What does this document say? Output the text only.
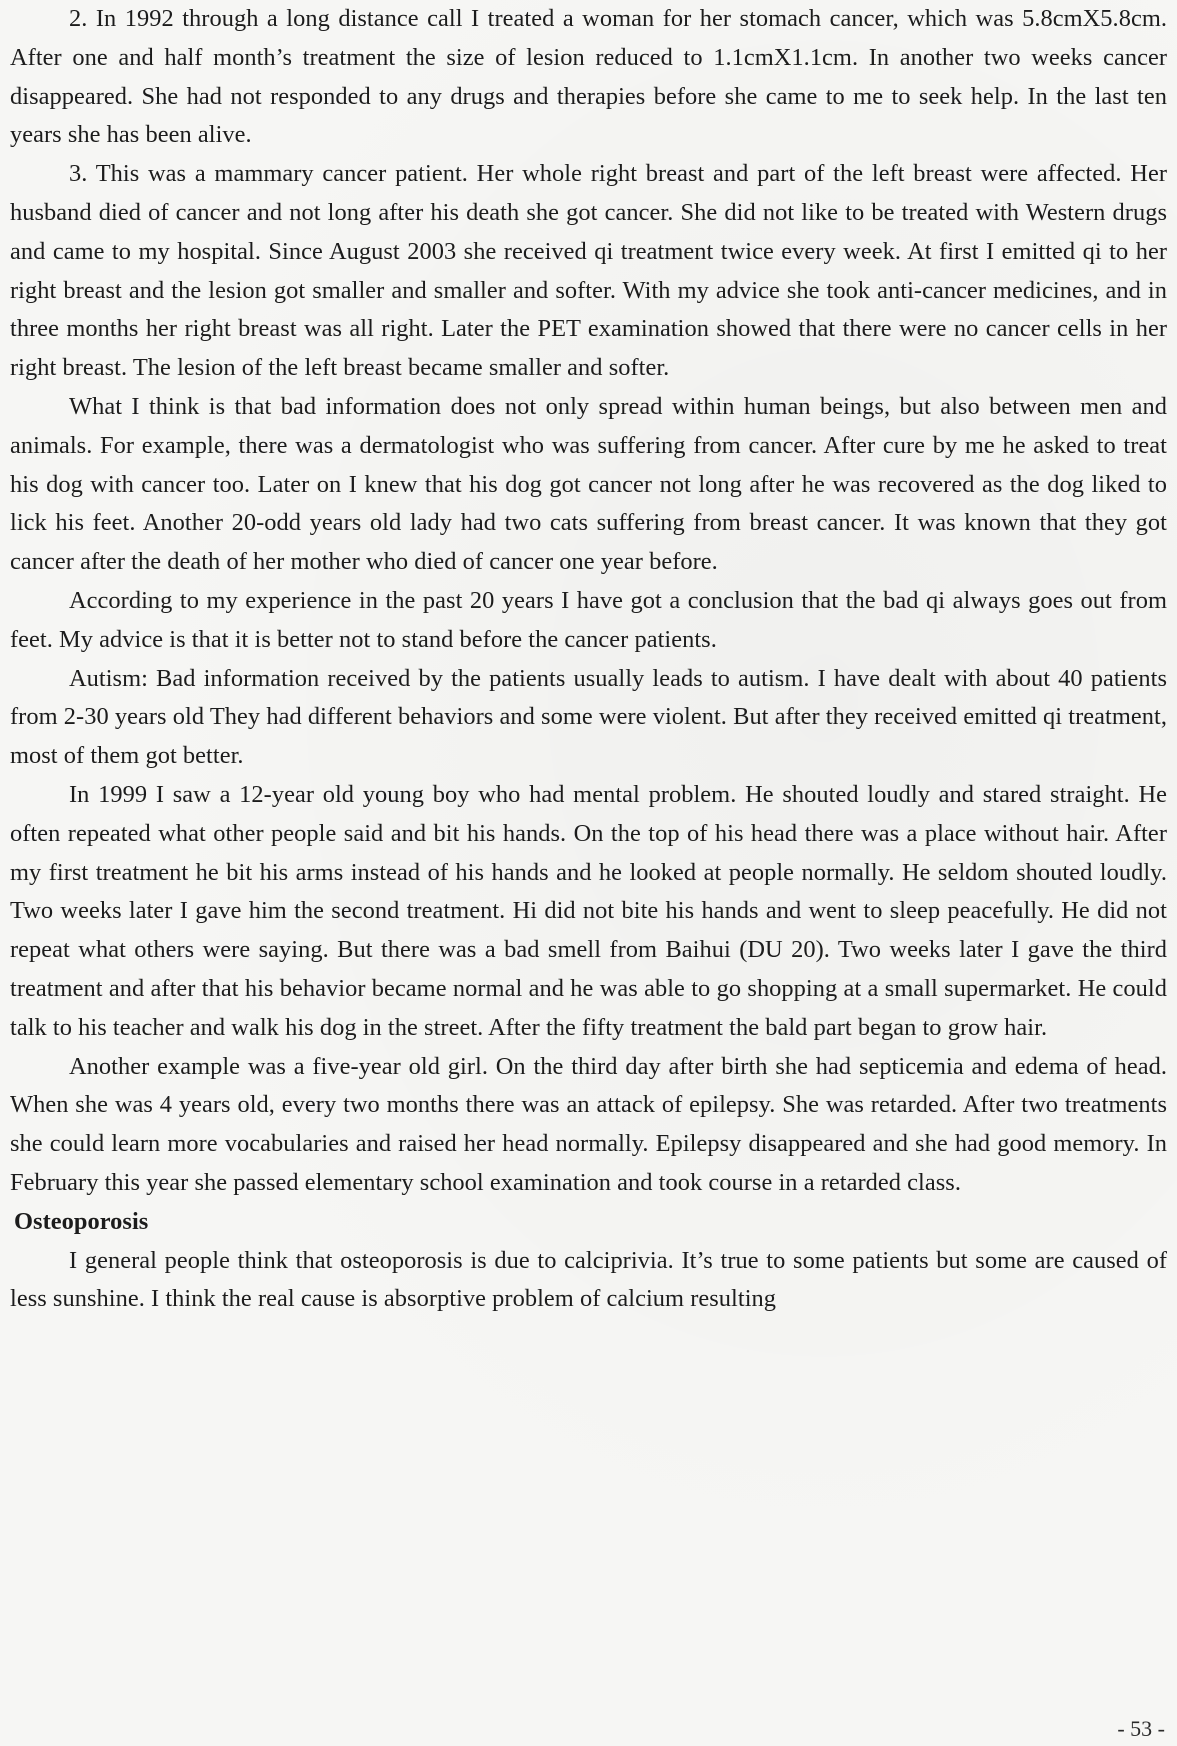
2. In 1992 through a long distance call I treated a woman for her stomach cancer, which was 5.8cmX5.8cm. After one and half month’s treatment the size of lesion reduced to 1.1cmX1.1cm. In another two weeks cancer disappeared. She had not responded to any drugs and therapies before she came to me to seek help. In the last ten years she has been alive.

3. This was a mammary cancer patient. Her whole right breast and part of the left breast were affected. Her husband died of cancer and not long after his death she got cancer. She did not like to be treated with Western drugs and came to my hospital. Since August 2003 she received qi treatment twice every week. At first I emitted qi to her right breast and the lesion got smaller and smaller and softer. With my advice she took anti-cancer medicines, and in three months her right breast was all right. Later the PET examination showed that there were no cancer cells in her right breast. The lesion of the left breast became smaller and softer.

What I think is that bad information does not only spread within human beings, but also between men and animals. For example, there was a dermatologist who was suffering from cancer. After cure by me he asked to treat his dog with cancer too. Later on I knew that his dog got cancer not long after he was recovered as the dog liked to lick his feet. Another 20-odd years old lady had two cats suffering from breast cancer. It was known that they got cancer after the death of her mother who died of cancer one year before.

According to my experience in the past 20 years I have got a conclusion that the bad qi always goes out from feet. My advice is that it is better not to stand before the cancer patients.

Autism: Bad information received by the patients usually leads to autism. I have dealt with about 40 patients from 2-30 years old They had different behaviors and some were violent. But after they received emitted qi treatment, most of them got better.

In 1999 I saw a 12-year old young boy who had mental problem. He shouted loudly and stared straight. He often repeated what other people said and bit his hands. On the top of his head there was a place without hair. After my first treatment he bit his arms instead of his hands and he looked at people normally. He seldom shouted loudly. Two weeks later I gave him the second treatment. Hi did not bite his hands and went to sleep peacefully. He did not repeat what others were saying. But there was a bad smell from Baihui (DU 20). Two weeks later I gave the third treatment and after that his behavior became normal and he was able to go shopping at a small supermarket. He could talk to his teacher and walk his dog in the street. After the fifty treatment the bald part began to grow hair.

Another example was a five-year old girl. On the third day after birth she had septicemia and edema of head. When she was 4 years old, every two months there was an attack of epilepsy. She was retarded. After two treatments she could learn more vocabularies and raised her head normally. Epilepsy disappeared and she had good memory. In February this year she passed elementary school examination and took course in a retarded class.

Osteoporosis

I general people think that osteoporosis is due to calciprivia. It’s true to some patients but some are caused of less sunshine. I think the real cause is absorptive problem of calcium resulting

- 53 -
